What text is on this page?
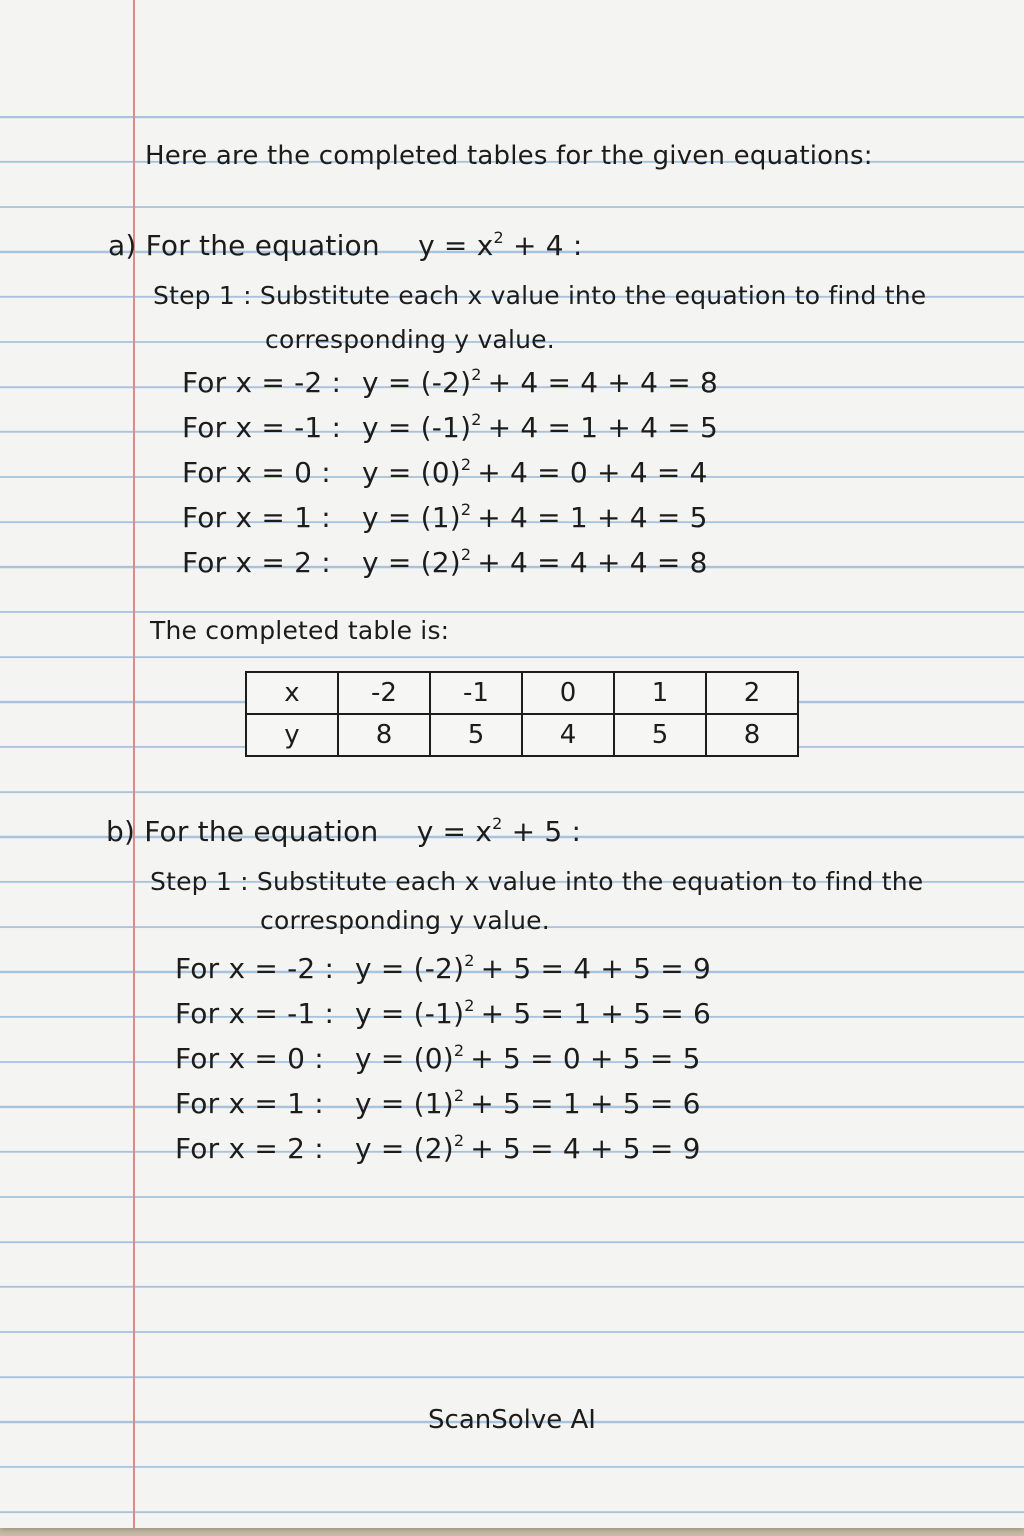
Here are the completed tables for the given equations:
a) For the equation $y = x^2 + 4$ :
Step 1 : Substitute each x value into the equation to find the
corresponding y value.
For x = -2 : $y = (-2)^2 + 4 = 4 + 4 = 8$
For x = -1 : $y = (-1)^2 + 4 = 1 + 4 = 5$
For x = 0 : $y = (0)^2 + 4 = 0 + 4 = 4$
For x = 1 : $y = (1)^2 + 4 = 1 + 4 = 5$
For x = 2 : $y = (2)^2 + 4 = 4 + 4 = 8$
The completed table is:
x	-2	-1	0	1	2
y	8	5	4	5	8
b) For the equation $y = x^2 + 5$ :
Step 1 : Substitute each x value into the equation to find the
corresponding y value.
For x = -2 : $y = (-2)^2 + 5 = 4 + 5 = 9$
For x = -1 : $y = (-1)^2 + 5 = 1 + 5 = 6$
For x = 0 : $y = (0)^2 + 5 = 0 + 5 = 5$
For x = 1 : $y = (1)^2 + 5 = 1 + 5 = 6$
For x = 2 : $y = (2)^2 + 5 = 4 + 5 = 9$
ScanSolve AI
